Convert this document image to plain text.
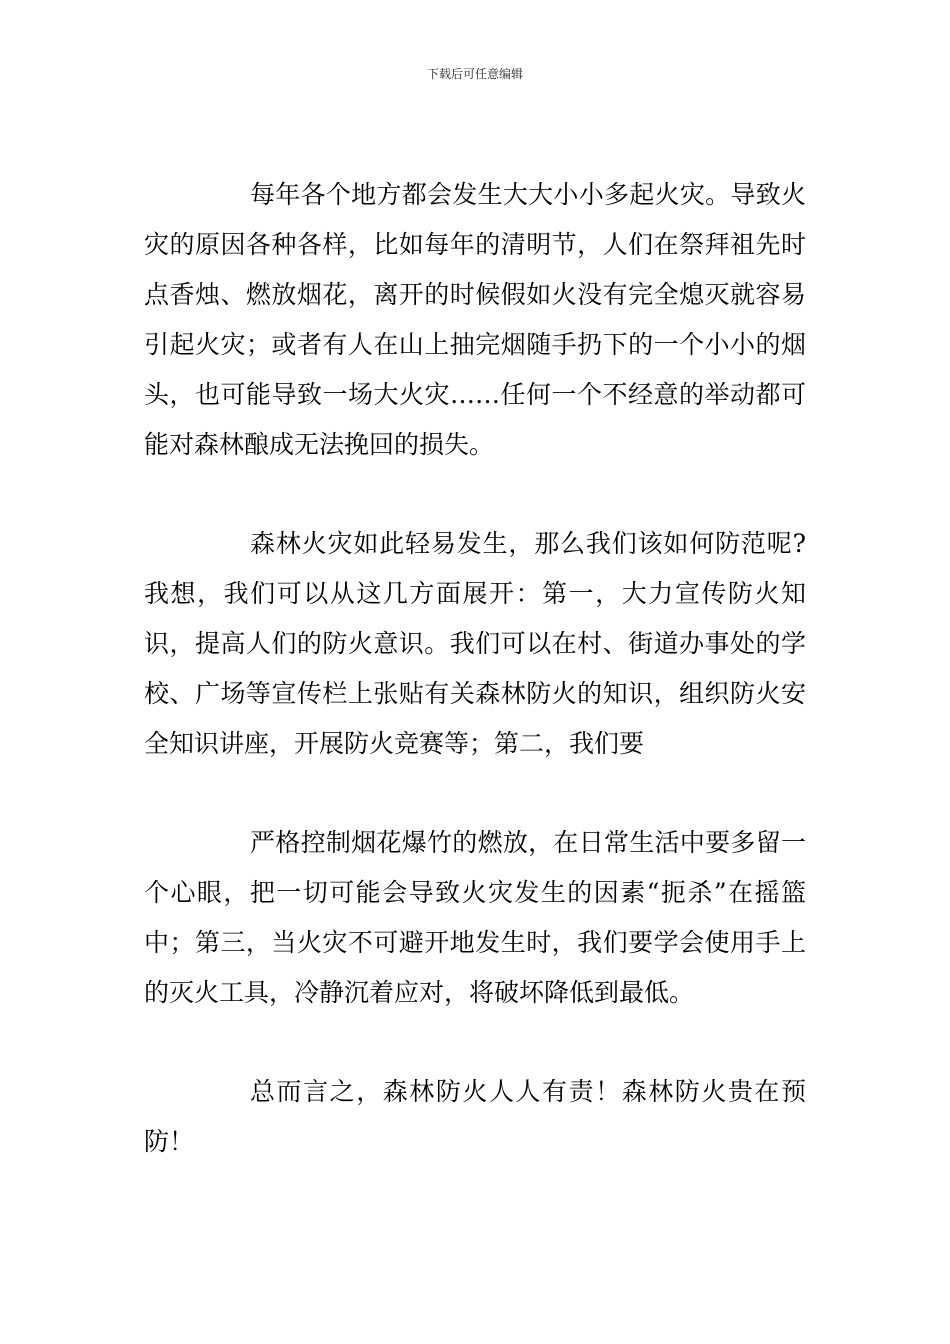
下载后可任意编辑

每年各个地方都会发生大大小小多起火灾。导致火灾的原因各种各样，比如每年的清明节，人们在祭拜祖先时点香烛、燃放烟花，离开的时候假如火没有完全熄灭就容易引起火灾；或者有人在山上抽完烟随手扔下的一个小小的烟头，也可能导致一场大火灾……任何一个不经意的举动都可能对森林酿成无法挽回的损失。

森林火灾如此轻易发生，那么我们该如何防范呢?我想，我们可以从这几方面展开：第一，大力宣传防火知识，提高人们的防火意识。我们可以在村、街道办事处的学校、广场等宣传栏上张贴有关森林防火的知识，组织防火安全知识讲座，开展防火竞赛等；第二，我们要

严格控制烟花爆竹的燃放，在日常生活中要多留一个心眼，把一切可能会导致火灾发生的因素“扼杀”在摇篮中；第三，当火灾不可避开地发生时，我们要学会使用手上的灭火工具，冷静沉着应对，将破坏降低到最低。

总而言之，森林防火人人有责！森林防火贵在预防！
